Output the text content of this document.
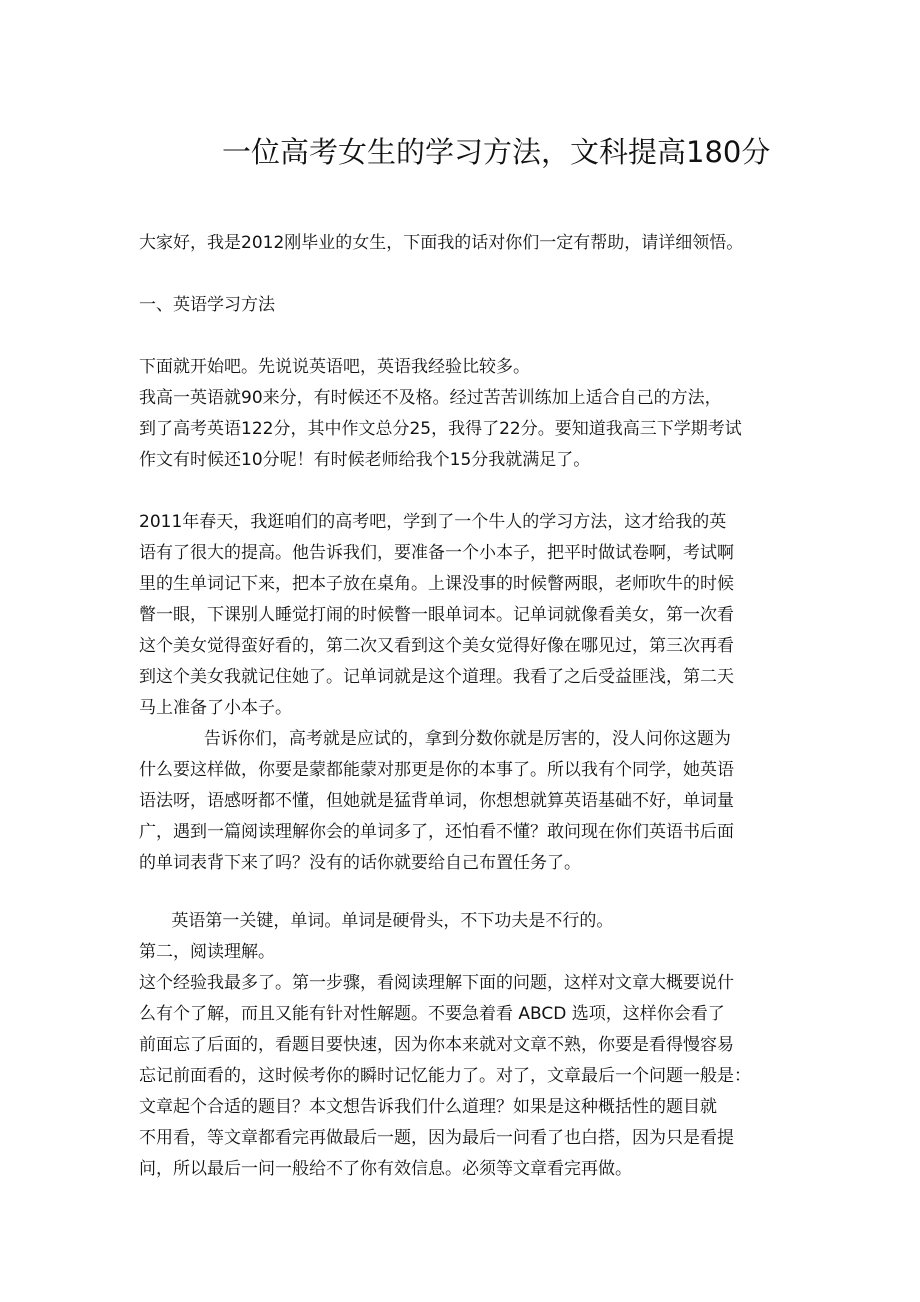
一位高考女生的学习方法，文科提高180分
大家好，我是2012刚毕业的女生，下面我的话对你们一定有帮助，请详细领悟。
一、英语学习方法
下面就开始吧。先说说英语吧，英语我经验比较多。
我高一英语就90来分，有时候还不及格。经过苦苦训练加上适合自己的方法，
到了高考英语122分，其中作文总分25，我得了22分。要知道我高三下学期考试
作文有时候还10分呢！有时候老师给我个15分我就满足了。
2011年春天，我逛咱们的高考吧，学到了一个牛人的学习方法，这才给我的英
语有了很大的提高。他告诉我们，要准备一个小本子，把平时做试卷啊，考试啊
里的生单词记下来，把本子放在桌角。上课没事的时候瞥两眼，老师吹牛的时候
瞥一眼，下课别人睡觉打闹的时候瞥一眼单词本。记单词就像看美女，第一次看
这个美女觉得蛮好看的，第二次又看到这个美女觉得好像在哪见过，第三次再看
到这个美女我就记住她了。记单词就是这个道理。我看了之后受益匪浅，第二天
马上准备了小本子。
告诉你们，高考就是应试的，拿到分数你就是厉害的，没人问你这题为
什么要这样做，你要是蒙都能蒙对那更是你的本事了。所以我有个同学，她英语
语法呀，语感呀都不懂，但她就是猛背单词，你想想就算英语基础不好，单词量
广，遇到一篇阅读理解你会的单词多了，还怕看不懂？敢问现在你们英语书后面
的单词表背下来了吗？没有的话你就要给自己布置任务了。
英语第一关键，单词。单词是硬骨头，不下功夫是不行的。
第二，阅读理解。
这个经验我最多了。第一步骤，看阅读理解下面的问题，这样对文章大概要说什
么有个了解，而且又能有针对性解题。不要急着看 ABCD 选项，这样你会看了
前面忘了后面的，看题目要快速，因为你本来就对文章不熟，你要是看得慢容易
忘记前面看的，这时候考你的瞬时记忆能力了。对了，文章最后一个问题一般是：
文章起个合适的题目？本文想告诉我们什么道理？如果是这种概括性的题目就
不用看，等文章都看完再做最后一题，因为最后一问看了也白搭，因为只是看提
问，所以最后一问一般给不了你有效信息。必须等文章看完再做。
